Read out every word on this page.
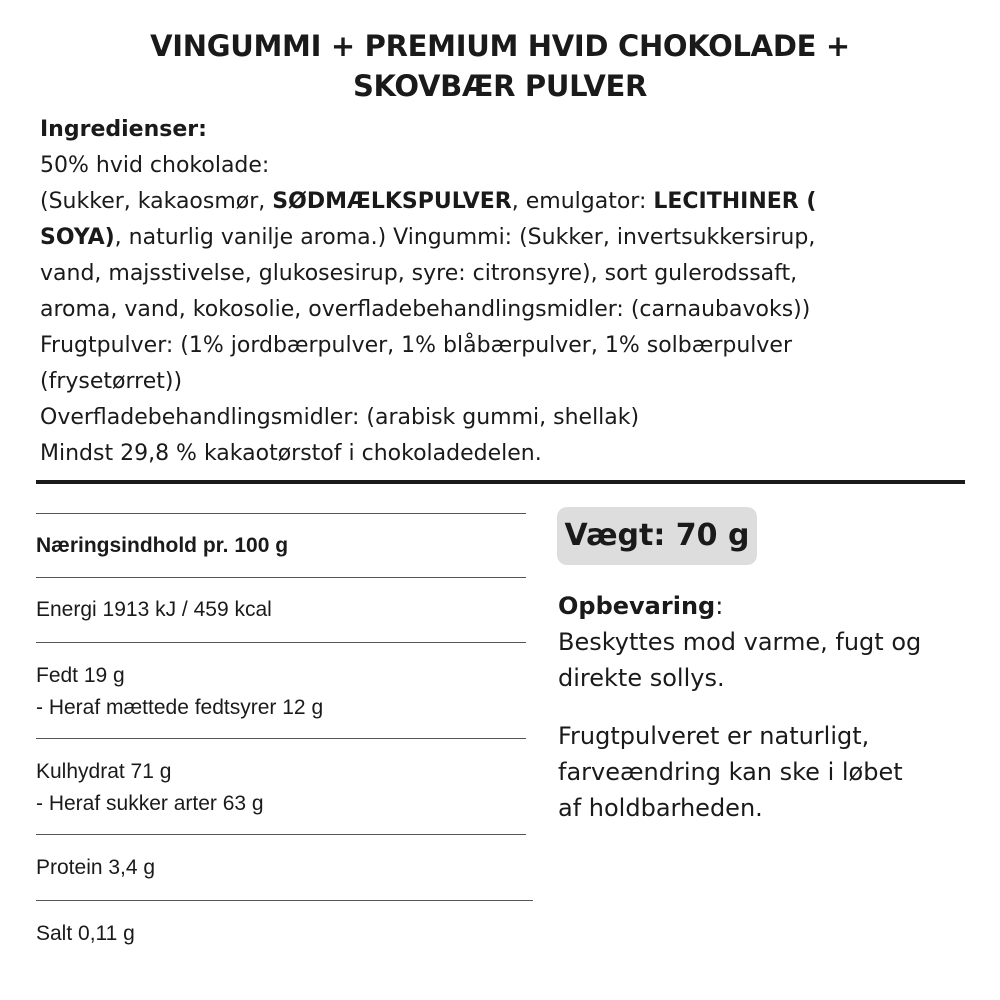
VINGUMMI + PREMIUM HVID CHOKOLADE +
SKOVBÆR PULVER
Ingredienser:
50% hvid chokolade:
(Sukker, kakaosmør, SØDMÆLKSPULVER, emulgator: LECITHINER (
SOYA), naturlig vanilje aroma.) Vingummi: (Sukker, invertsukkersirup,
vand, majsstivelse, glukosesirup, syre: citronsyre), sort gulerodssaft,
aroma, vand, kokosolie, overfladebehandlingsmidler: (carnaubavoks))
Frugtpulver: (1% jordbærpulver, 1% blåbærpulver, 1% solbærpulver
(frysetørret))
Overfladebehandlingsmidler: (arabisk gummi, shellak)
Mindst 29,8 % kakaotørstof i chokoladedelen.
Næringsindhold pr. 100 g
Energi 1913 kJ / 459 kcal
Fedt 19 g
- Heraf mættede fedtsyrer 12 g
Kulhydrat 71 g
- Heraf sukker arter 63 g
Protein 3,4 g
Salt 0,11 g
Vægt: 70 g
Opbevaring:
Beskyttes mod varme, fugt og
direkte sollys.
Frugtpulveret er naturligt,
farveændring kan ske i løbet
af holdbarheden.
